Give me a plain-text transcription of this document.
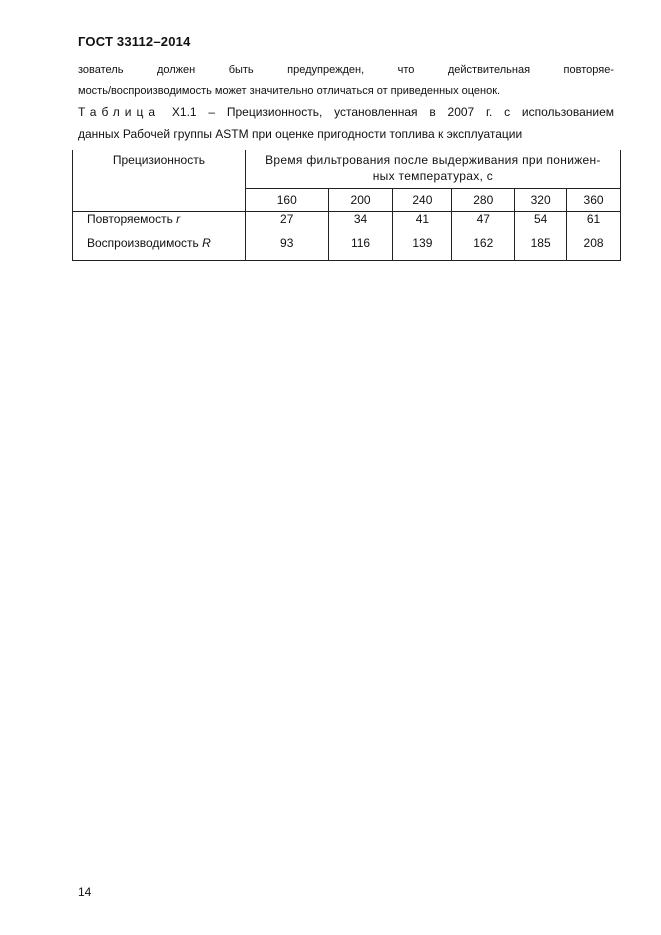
ГОСТ 33112–2014
зователь	должен	быть	предупрежден,	что	действительная	повторяе-
мость/воспроизводимость может значительно отличаться от приведенных оценок.
Таблица X1.1 – Прецизионность, установленная в 2007 г. с использованием
данных Рабочей группы ASTM при оценке пригодности топлива к эксплуатации
Прецизионность	Время фильтрования после выдерживания при понижен-
ных температурах, с					
	160	200	240	280	320	360
Повторяемость r	27	34	41	47	54	61
Воспроизводимость R	93	116	139	162	185	208
14
